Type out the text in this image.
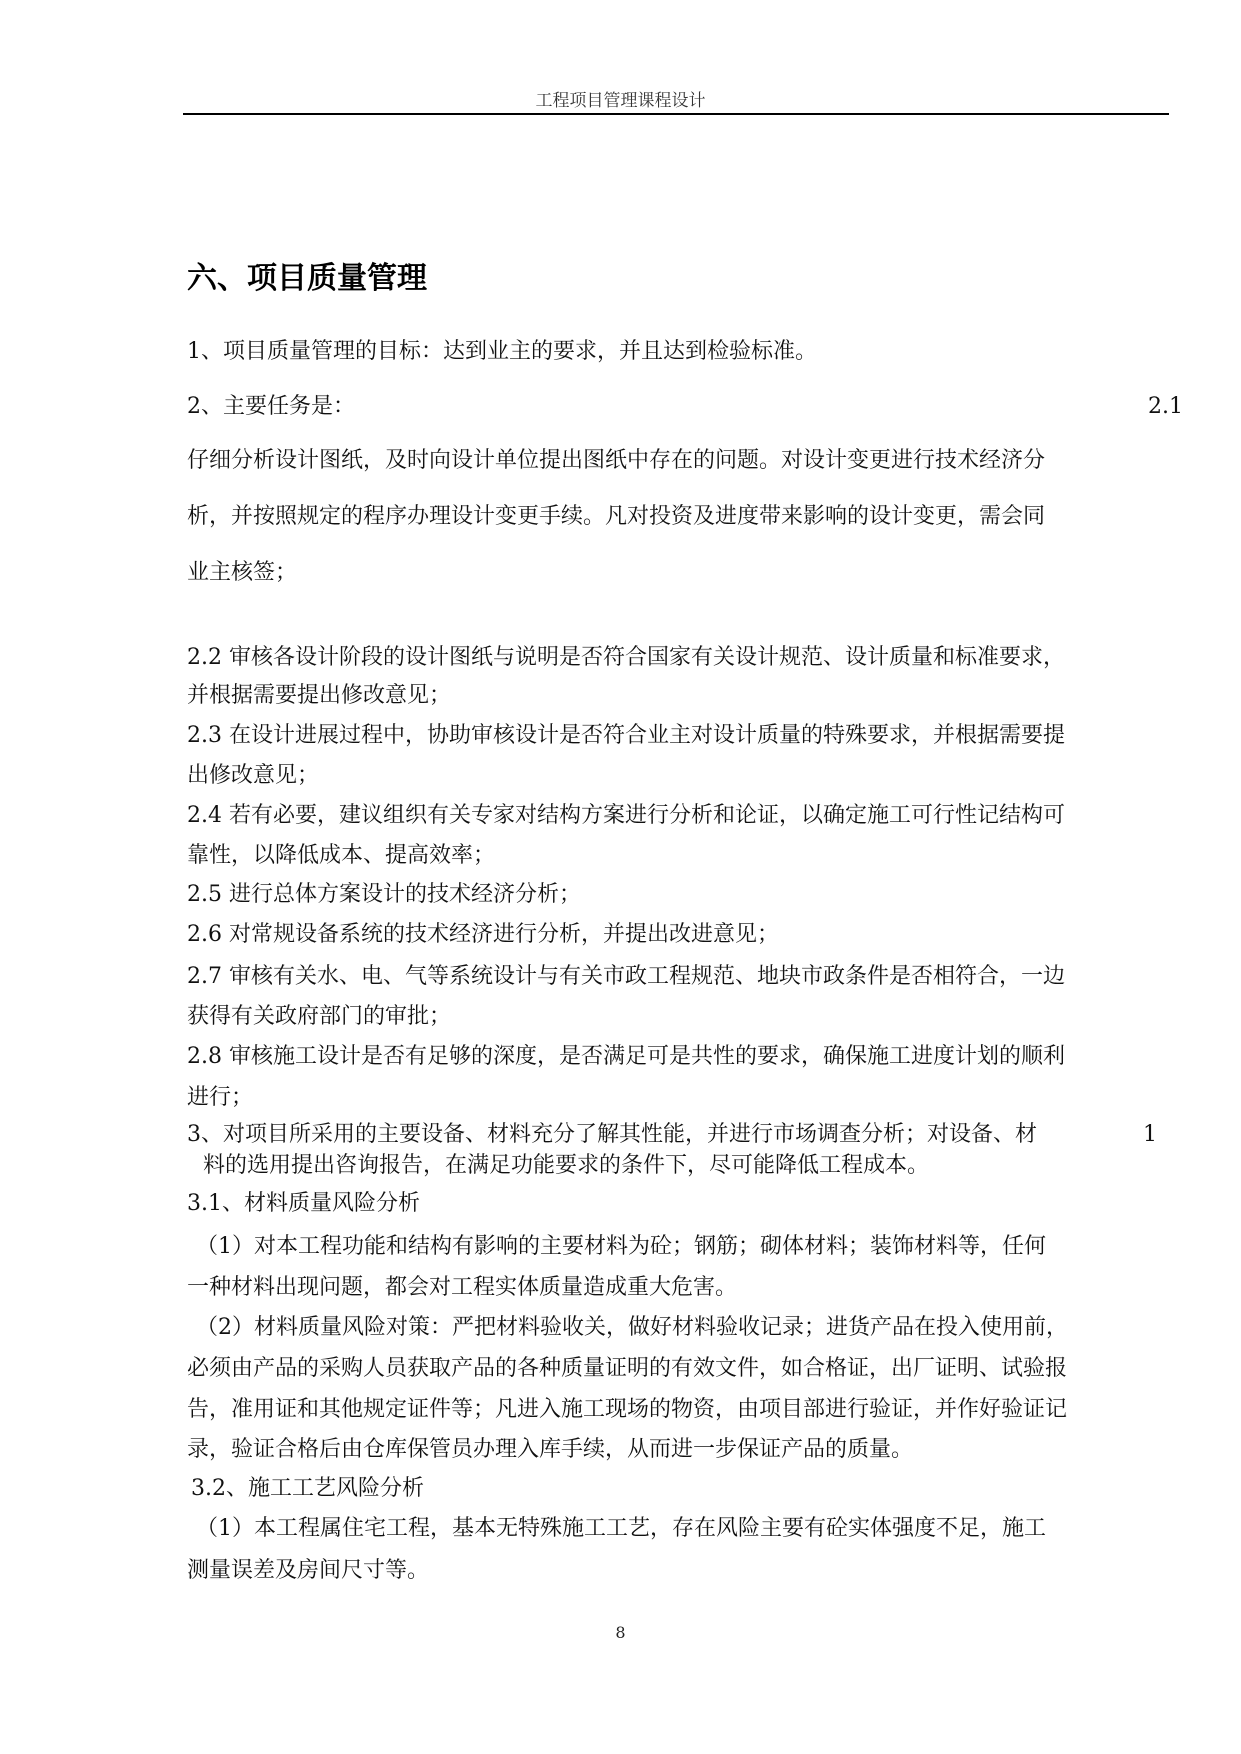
工程项目管理课程设计
六、项目质量管理
1、项目质量管理的目标：达到业主的要求，并且达到检验标准。
2、主要任务是：	2.1
仔细分析设计图纸，及时向设计单位提出图纸中存在的问题。对设计变更进行技术经济分
析，并按照规定的程序办理设计变更手续。凡对投资及进度带来影响的设计变更，需会同
业主核签；
2.2 审核各设计阶段的设计图纸与说明是否符合国家有关设计规范、设计质量和标准要求，
并根据需要提出修改意见；
2.3 在设计进展过程中，协助审核设计是否符合业主对设计质量的特殊要求，并根据需要提
出修改意见；
2.4 若有必要，建议组织有关专家对结构方案进行分析和论证，以确定施工可行性记结构可
靠性，以降低成本、提高效率；
2.5 进行总体方案设计的技术经济分析；
2.6 对常规设备系统的技术经济进行分析，并提出改进意见；
2.7 审核有关水、电、气等系统设计与有关市政工程规范、地块市政条件是否相符合，一边
获得有关政府部门的审批；
2.8 审核施工设计是否有足够的深度，是否满足可是共性的要求，确保施工进度计划的顺利
进行；
3、对项目所采用的主要设备、材料充分了解其性能，并进行市场调查分析；对设备、材	1
料的选用提出咨询报告，在满足功能要求的条件下，尽可能降低工程成本。
3.1、材料质量风险分析
（1）对本工程功能和结构有影响的主要材料为砼；钢筋；砌体材料；装饰材料等，任何
一种材料出现问题，都会对工程实体质量造成重大危害。
（2）材料质量风险对策：严把材料验收关，做好材料验收记录；进货产品在投入使用前，
必须由产品的采购人员获取产品的各种质量证明的有效文件，如合格证，出厂证明、试验报
告，准用证和其他规定证件等；凡进入施工现场的物资，由项目部进行验证，并作好验证记
录，验证合格后由仓库保管员办理入库手续，从而进一步保证产品的质量。
3.2、施工工艺风险分析
（1）本工程属住宅工程，基本无特殊施工工艺，存在风险主要有砼实体强度不足，施工
测量误差及房间尺寸等。
8
